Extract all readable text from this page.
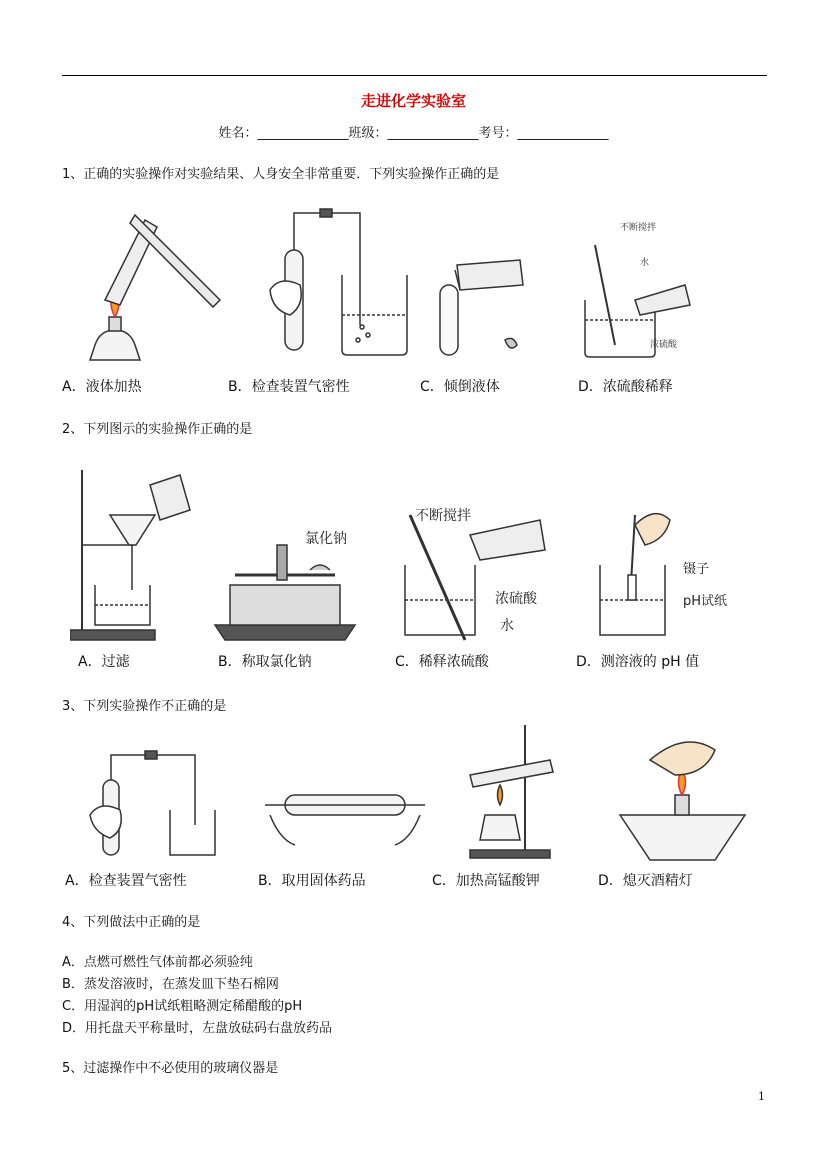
走进化学实验室
姓名：______________班级：______________考号：______________
1、正确的实验操作对实验结果、人身安全非常重要．下列实验操作正确的是
不断搅拌
水
浓硫酸
A．液体加热	B．检查装置气密性	C．倾倒液体	D．浓硫酸稀释
2、下列图示的实验操作正确的是
氯化钠
不断搅拌
浓硫酸
水
镊子
pH试纸
A．过滤	B．称取氯化钠	C．稀释浓硫酸	D．测溶液的 pH 值
3、下列实验操作不正确的是
A．检查装置气密性	B．取用固体药品	C．加热高锰酸钾	D．熄灭酒精灯
4、下列做法中正确的是
A．点燃可燃性气体前都必须验纯
B．蒸发溶液时，在蒸发皿下垫石棉网
C．用湿润的pH试纸粗略测定稀醋酸的pH
D．用托盘天平称量时，左盘放砝码右盘放药品
5、过滤操作中不必使用的玻璃仪器是
1
